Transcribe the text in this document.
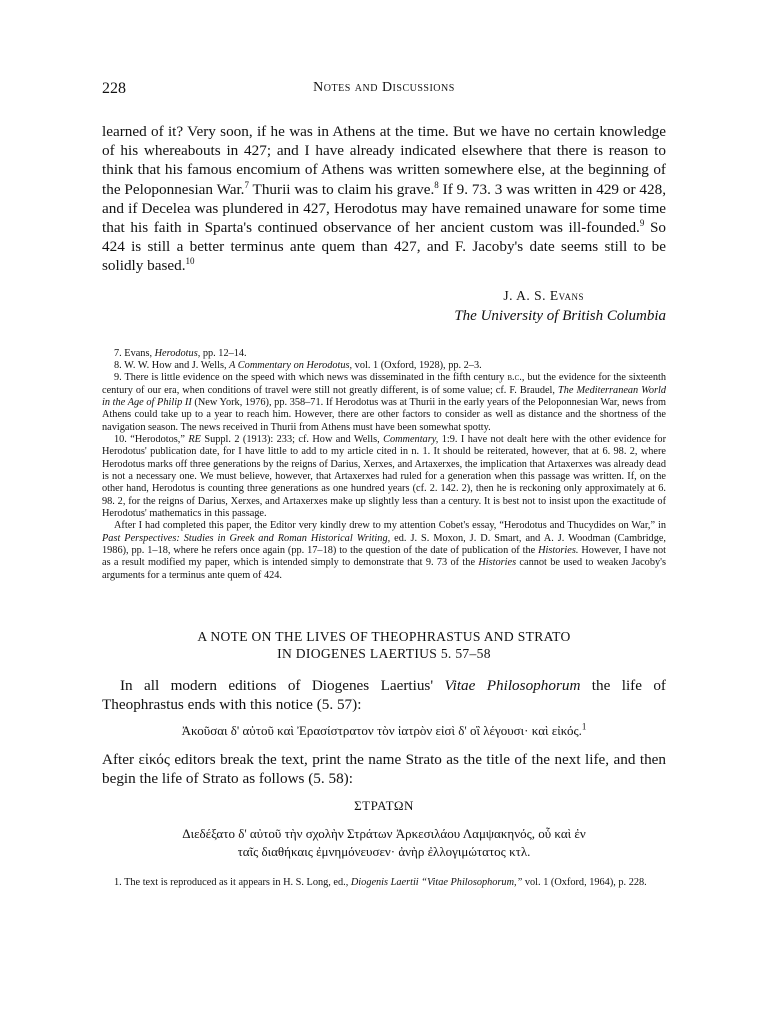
228	Notes and Discussions

learned of it? Very soon, if he was in Athens at the time. But we have no certain knowledge of his whereabouts in 427; and I have already indicated elsewhere that there is reason to think that his famous encomium of Athens was written somewhere else, at the beginning of the Peloponnesian War.$^7$ Thurii was to claim his grave.$^8$ If 9. 73. 3 was written in 429 or 428, and if Decelea was plundered in 427, Herodotus may have remained unaware for some time that his faith in Sparta's continued observance of her ancient custom was ill-founded.$^9$ So 424 is still a better terminus ante quem than 427, and F. Jacoby's date seems still to be solidly based.$^{10}$

J. A. S. Evans
The University of British Columbia

7. Evans, Herodotus, pp. 12–14.

8. W. W. How and J. Wells, A Commentary on Herodotus, vol. 1 (Oxford, 1928), pp. 2–3.

9. There is little evidence on the speed with which news was disseminated in the fifth century b.c., but the evidence for the sixteenth century of our era, when conditions of travel were still not greatly different, is of some value; cf. F. Braudel, The Mediterranean World in the Age of Philip II (New York, 1976), pp. 358–71. If Herodotus was at Thurii in the early years of the Peloponnesian War, news from Athens could take up to a year to reach him. However, there are other factors to consider as well as distance and the shortness of the navigation season. The news received in Thurii from Athens must have been somewhat spotty.

10. “Herodotos,” RE Suppl. 2 (1913): 233; cf. How and Wells, Commentary, 1:9. I have not dealt here with the other evidence for Herodotus' publication date, for I have little to add to my article cited in n. 1. It should be reiterated, however, that at 6. 98. 2, where Herodotus marks off three generations by the reigns of Darius, Xerxes, and Artaxerxes, the implication that Artaxerxes was already dead is not a necessary one. We must believe, however, that Artaxerxes had ruled for a generation when this passage was written. If, on the other hand, Herodotus is counting three generations as one hundred years (cf. 2. 142. 2), then he is reckoning only approximately at 6. 98. 2, for the reigns of Darius, Xerxes, and Artaxerxes make up slightly less than a century. It is best not to insist upon the exactitude of Herodotus' mathematics in this passage.

After I had completed this paper, the Editor very kindly drew to my attention Cobet's essay, “Herodotus and Thucydides on War,” in Past Perspectives: Studies in Greek and Roman Historical Writing, ed. J. S. Moxon, J. D. Smart, and A. J. Woodman (Cambridge, 1986), pp. 1–18, where he refers once again (pp. 17–18) to the question of the date of publication of the Histories. However, I have not as a result modified my paper, which is intended simply to demonstrate that 9. 73 of the Histories cannot be used to weaken Jacoby's arguments for a terminus ante quem of 424.

A NOTE ON THE LIVES OF THEOPHRASTUS AND STRATO
IN DIOGENES LAERTIUS 5. 57–58

In all modern editions of Diogenes Laertius' Vitae Philosophorum the life of Theophrastus ends with this notice (5. 57):

Ἀκοῦσαι δ' αὐτοῦ καὶ Ἐρασίστρατον τὸν ἰατρὸν εἰσὶ δ' οἳ λέγουσι· καὶ εἰκός.$^1$

After εἰκός editors break the text, print the name Strato as the title of the next life, and then begin the life of Strato as follows (5. 58):

ΣΤΡΑΤΩΝ
Διεδέξατο δ' αὐτοῦ τὴν σχολὴν Στράτων Ἀρκεσιλάου Λαμψακηνός, οὗ καὶ ἐν
ταῖς διαθήκαις ἐμνημόνευσεν· ἀνὴρ ἐλλογιμώτατος κτλ.

1. The text is reproduced as it appears in H. S. Long, ed., Diogenis Laertii “Vitae Philosophorum,” vol. 1 (Oxford, 1964), p. 228.
